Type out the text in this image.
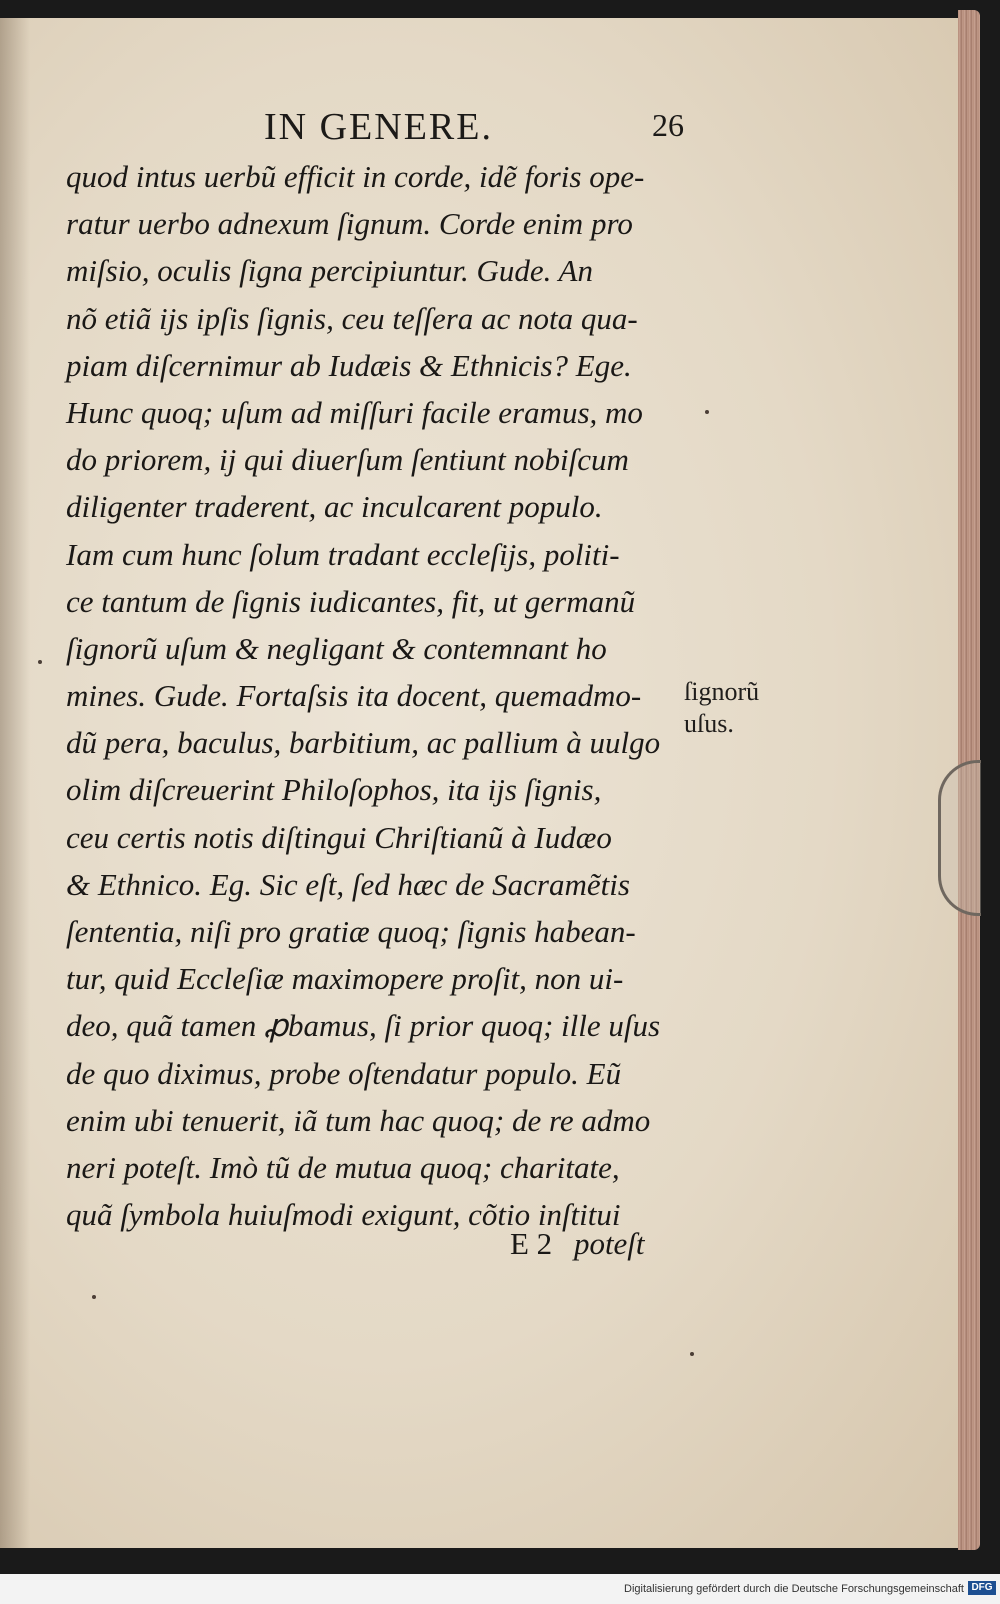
IN GENERE.	26
quod intus uerbũ efficit in corde, idẽ foris ope-
ratur uerbo adnexum ſignum. Corde enim pro
miſsio, oculis ſigna percipiuntur. Gude. An
nõ etiã ijs ipſis ſignis, ceu teſſera ac nota qua-
piam diſcernimur ab Iudæis & Ethnicis? Ege.
Hunc quoq; uſum ad miſſuri facile eramus, mo
do priorem, ij qui diuerſum ſentiunt nobiſcum
diligenter traderent, ac inculcarent populo.
Iam cum hunc ſolum tradant eccleſijs, politi-
ce tantum de ſignis iudicantes, fit, ut germanũ
ſignorũ uſum & negligant & contemnant ho
mines. Gude. Fortaſsis ita docent, quemadmo-
dũ pera, baculus, barbitium, ac pallium à uulgo
olim diſcreuerint Philoſophos, ita ijs ſignis,
ceu certis notis diſtingui Chriſtianũ à Iudæo
& Ethnico. Eg. Sic eſt, ſed hæc de Sacramẽtis
ſententia, niſi pro gratiæ quoq; ſignis habean-
tur, quid Eccleſiæ maximopere proſit, non ui-
deo, quã tamen ꝓbamus, ſi prior quoq; ille uſus
de quo diximus, probe oſtendatur populo. Eũ
enim ubi tenuerit, iã tum hac quoq; de re admo
neri poteſt. Imò tũ de mutua quoq; charitate,
quã ſymbola huiuſmodi exigunt, cõtio inſtitui
ſignorũ
uſus.
E 2 poteſt
Digitalisierung gefördert durch die Deutsche Forschungsgemeinschaft DFG
